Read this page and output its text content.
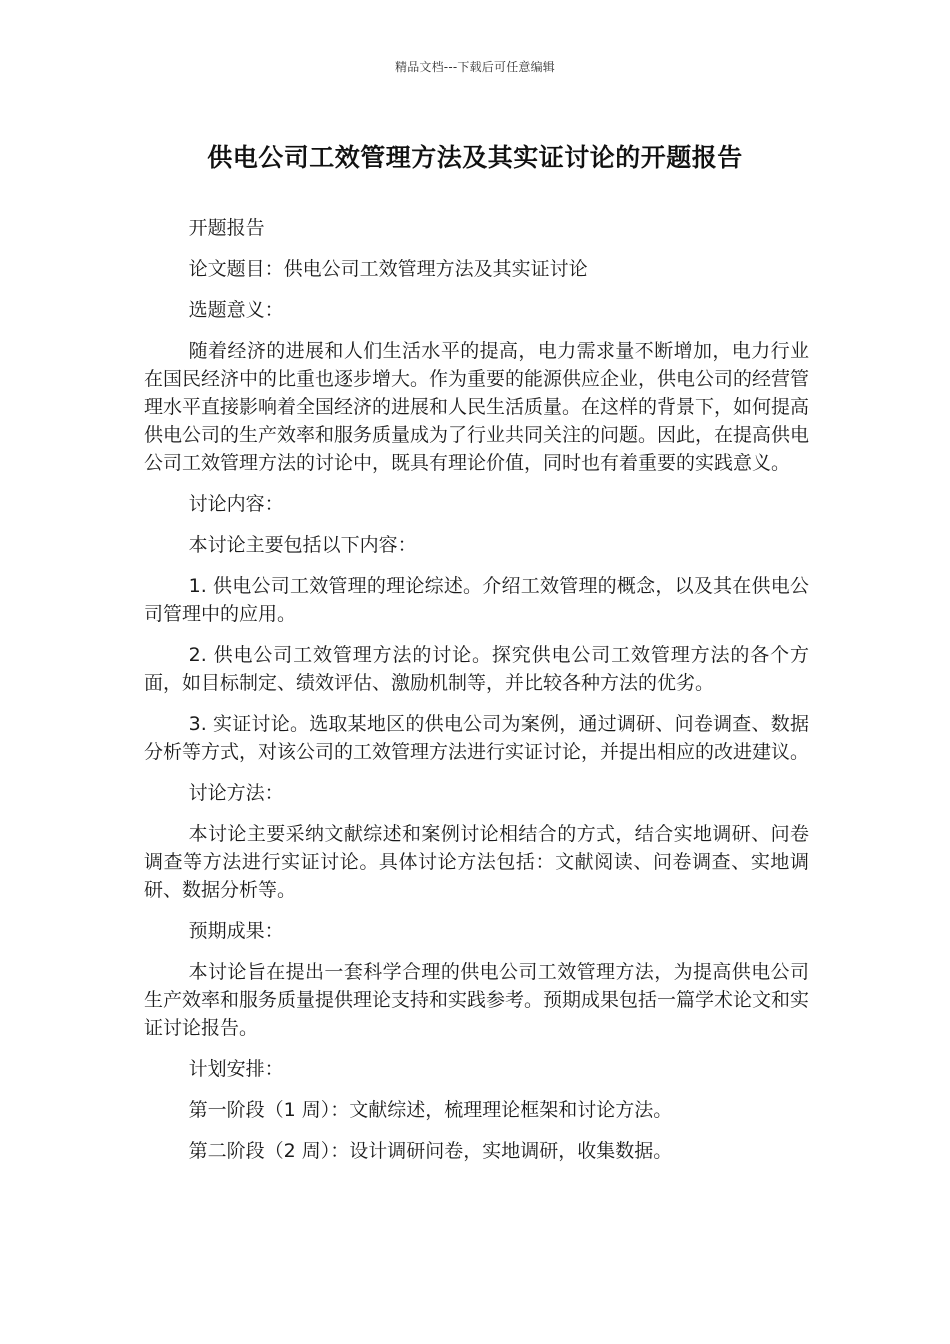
精品文档---下载后可任意编辑
供电公司工效管理方法及其实证讨论的开题报告

开题报告

论文题目：供电公司工效管理方法及其实证讨论

选题意义：

随着经济的进展和人们生活水平的提高，电力需求量不断增加，电力行业在国民经济中的比重也逐步增大。作为重要的能源供应企业，供电公司的经营管理水平直接影响着全国经济的进展和人民生活质量。在这样的背景下，如何提高供电公司的生产效率和服务质量成为了行业共同关注的问题。因此，在提高供电公司工效管理方法的讨论中，既具有理论价值，同时也有着重要的实践意义。

讨论内容：

本讨论主要包括以下内容：

1. 供电公司工效管理的理论综述。介绍工效管理的概念，以及其在供电公司管理中的应用。

2. 供电公司工效管理方法的讨论。探究供电公司工效管理方法的各个方面，如目标制定、绩效评估、激励机制等，并比较各种方法的优劣。

3. 实证讨论。选取某地区的供电公司为案例，通过调研、问卷调查、数据分析等方式，对该公司的工效管理方法进行实证讨论，并提出相应的改进建议。

讨论方法：

本讨论主要采纳文献综述和案例讨论相结合的方式，结合实地调研、问卷调查等方法进行实证讨论。具体讨论方法包括：文献阅读、问卷调查、实地调研、数据分析等。

预期成果：

本讨论旨在提出一套科学合理的供电公司工效管理方法，为提高供电公司生产效率和服务质量提供理论支持和实践参考。预期成果包括一篇学术论文和实证讨论报告。

计划安排：

第一阶段（1 周）：文献综述，梳理理论框架和讨论方法。

第二阶段（2 周）：设计调研问卷，实地调研，收集数据。
